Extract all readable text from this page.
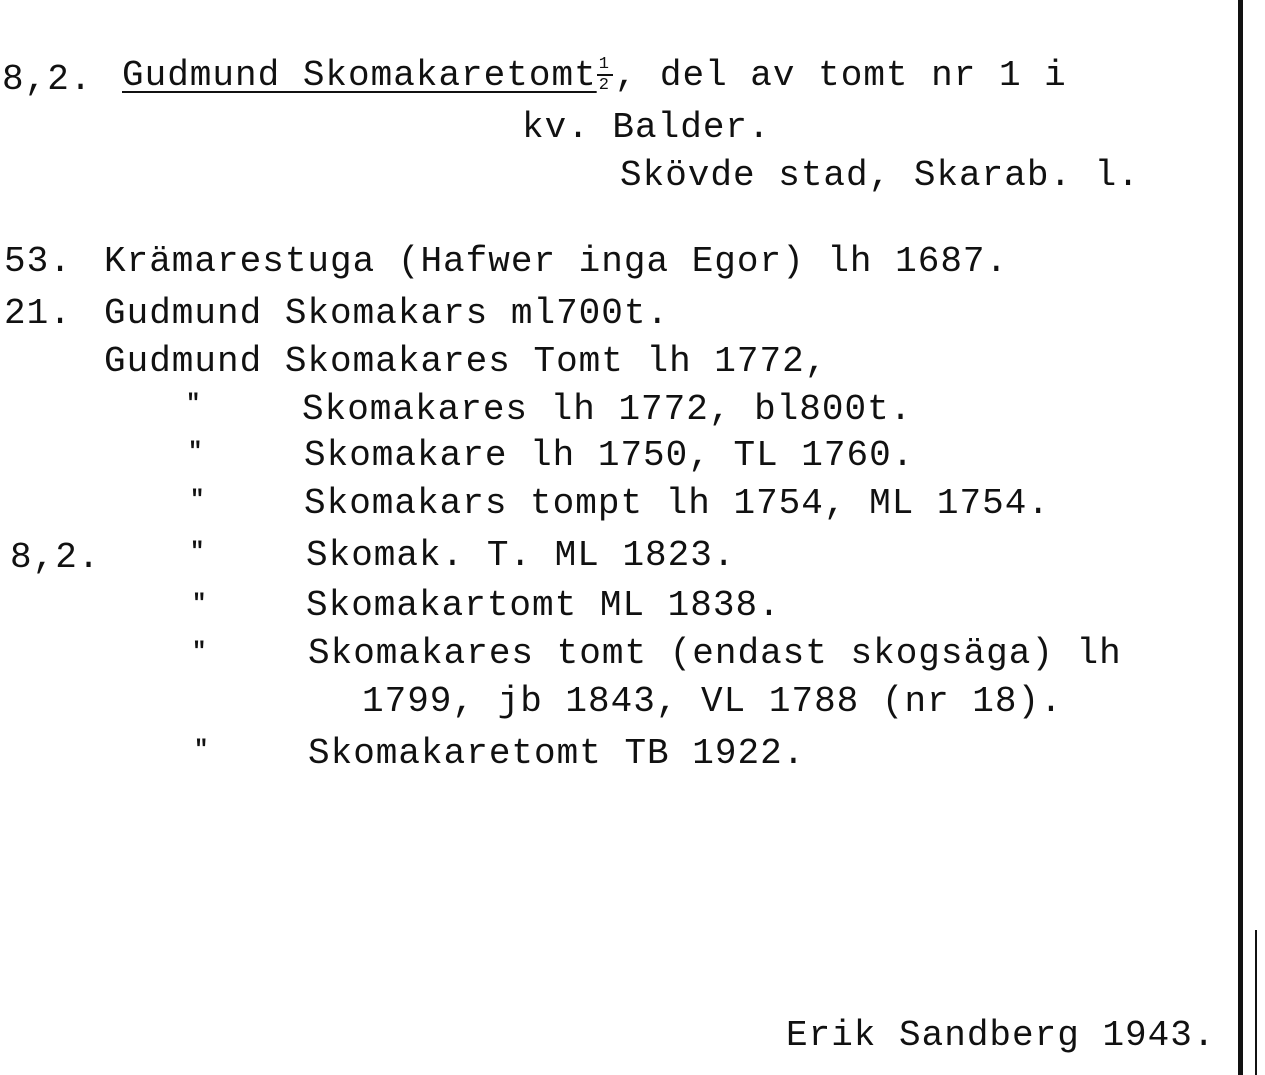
8,2. Gudmund Skomakaretomt $\frac{1}{2}$ , del av tomt nr 1 i
kv. Balder.
Skövde stad, Skarab. l.
53. Krämarestuga (Hafwer inga Egor) lh 1687.
21. Gudmund Skomakars ml700t.
Gudmund Skomakares Tomt lh 1772,
"	Skomakares lh 1772, bl800t.
"	Skomakare lh 1750, TL 1760.
"	Skomakars tompt lh 1754, ML 1754.
8,2.	"	Skomak. T. ML 1823.
"	Skomakartomt ML 1838.
"	Skomakares tomt (endast skogsäga) lh
1799, jb 1843, VL 1788 (nr 18).
"	Skomakaretomt TB 1922.
Erik Sandberg 1943.
